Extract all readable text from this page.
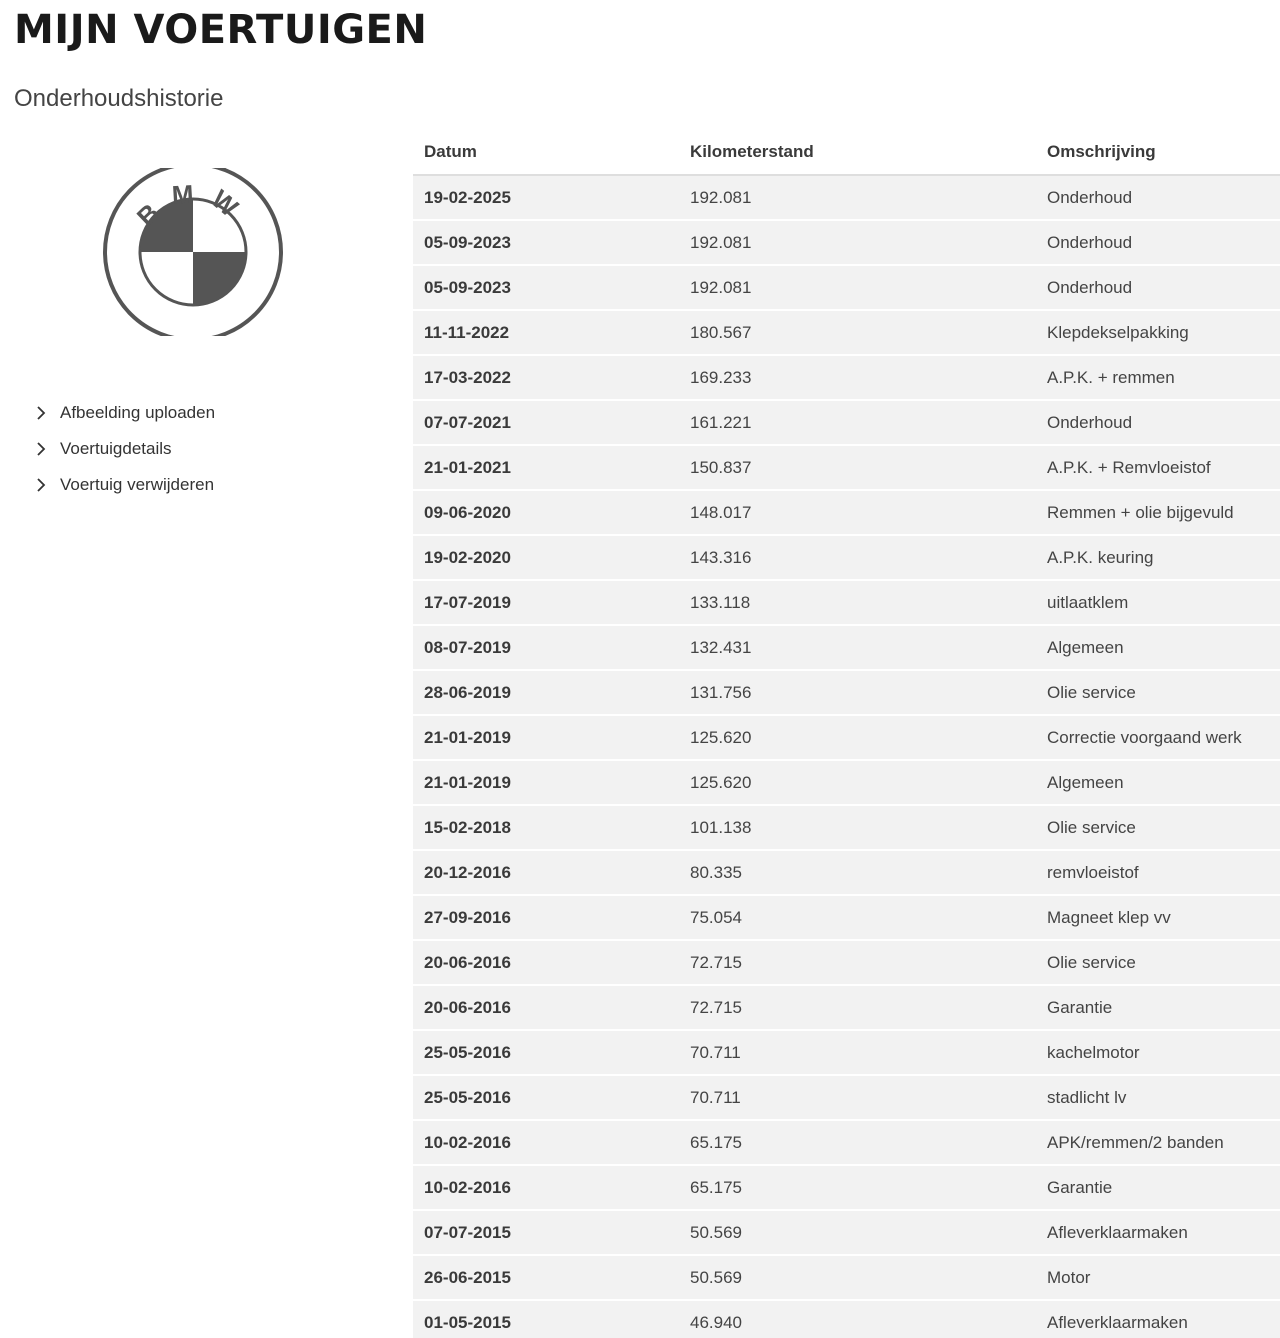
MIJN VOERTUIGEN
Onderhoudshistorie
BMW
Afbeelding uploaden
Voertuigdetails
Voertuig verwijderen
Datum	Kilometerstand	Omschrijving
19-02-2025	192.081	Onderhoud
05-09-2023	192.081	Onderhoud
05-09-2023	192.081	Onderhoud
11-11-2022	180.567	Klepdekselpakking
17-03-2022	169.233	A.P.K. + remmen
07-07-2021	161.221	Onderhoud
21-01-2021	150.837	A.P.K. + Remvloeistof
09-06-2020	148.017	Remmen + olie bijgevuld
19-02-2020	143.316	A.P.K. keuring
17-07-2019	133.118	uitlaatklem
08-07-2019	132.431	Algemeen
28-06-2019	131.756	Olie service
21-01-2019	125.620	Correctie voorgaand werk
21-01-2019	125.620	Algemeen
15-02-2018	101.138	Olie service
20-12-2016	80.335	remvloeistof
27-09-2016	75.054	Magneet klep vv
20-06-2016	72.715	Olie service
20-06-2016	72.715	Garantie
25-05-2016	70.711	kachelmotor
25-05-2016	70.711	stadlicht lv
10-02-2016	65.175	APK/remmen/2 banden
10-02-2016	65.175	Garantie
07-07-2015	50.569	Afleverklaarmaken
26-06-2015	50.569	Motor
01-05-2015	46.940	Afleverklaarmaken
